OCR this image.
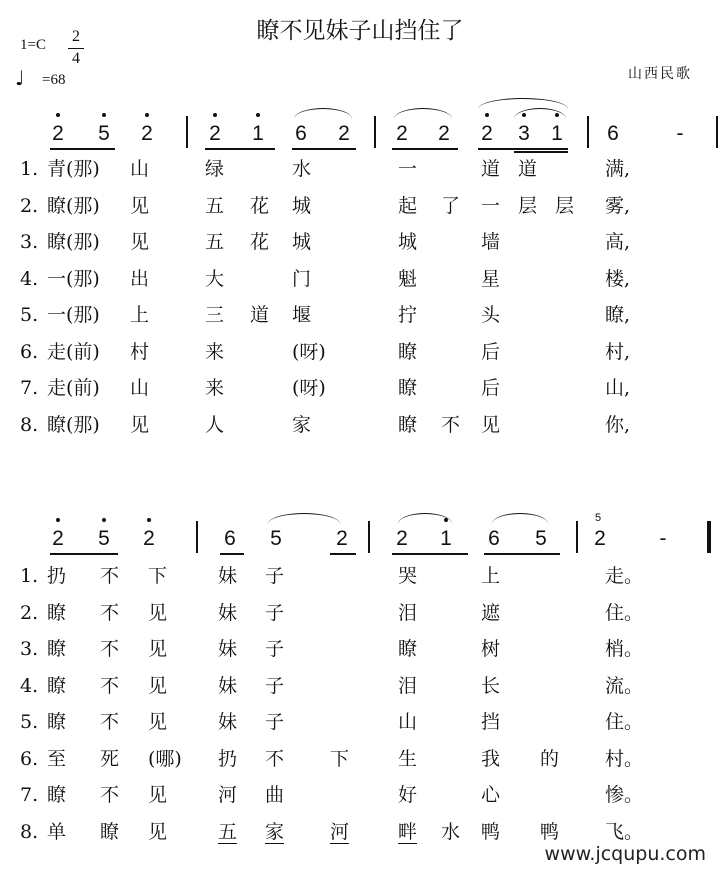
瞭不见妹子山挡住了
1=C 2
4
♩ =68	山西民歌
2 5 2	2 1 6 2 2 2 2 3 1 6	-
1. 青(那) 山	绿	水	一	道 道	满,
2. 瞭(那) 见	五 花 城	起 了 一 层 层 雾,
3. 瞭(那) 见	五 花 城	城	墙	高,
4. 一(那) 出	大	门	魁	星	楼,
5. 一(那) 上	三 道 堰	拧	头	瞭,
6. 走(前) 村	来	(呀)	瞭	后	村,
7. 走(前) 山	来	(呀)	瞭	后	山,
8. 瞭(那) 见	人	家	瞭 不 见	你,
2 5 2	6 5	2 2 1 6 5 2	-
1. 扔 不 下	妹 子	哭	上	走。
2. 瞭 不 见	妹 子	泪	遮	住。
3. 瞭 不 见	妹 子	瞭	树	梢。
4. 瞭 不 见	妹 子	泪	长	流。
5. 瞭 不 见	妹 子	山	挡	住。
6. 至 死 (哪) 扔 不 下	生	我 的 村。
7. 瞭 不 见	河 曲	好	心	惨。
8. 单 瞭 见	五 家 河	畔 水 鸭 鸭 飞。
5
www.jcqupu.com
